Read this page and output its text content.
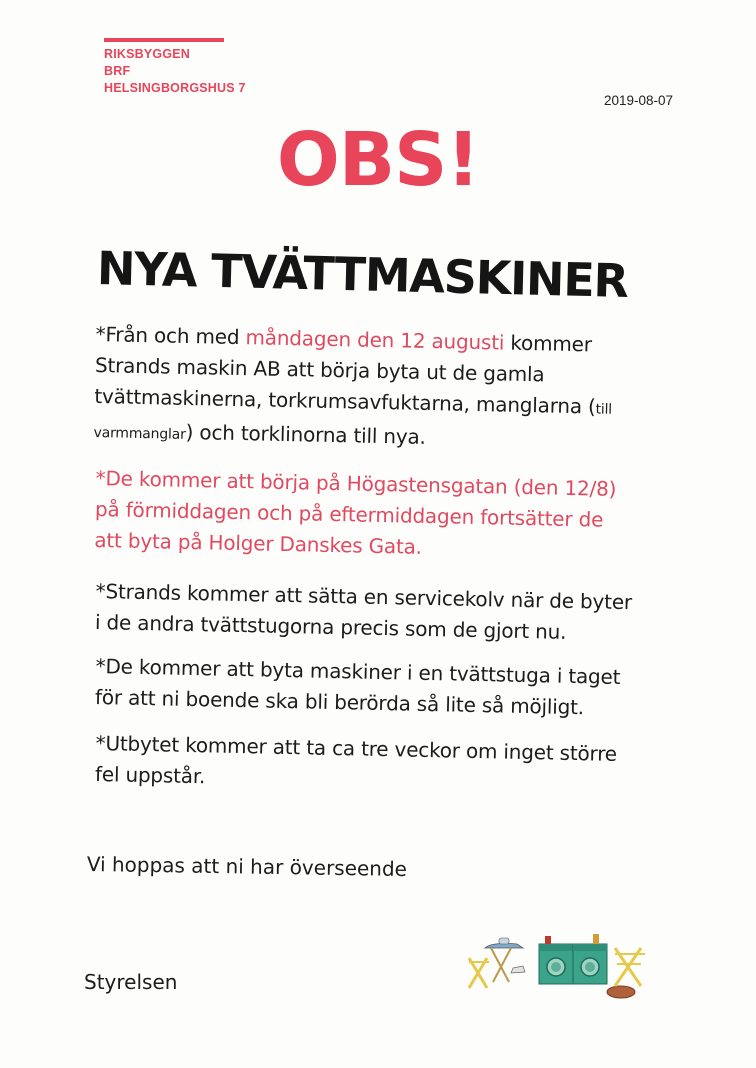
RIKSBYGGEN
BRF
HELSINGBORGSHUS 7
2019-08-07
OBS!
NYA TVÄTTMASKINER
*Från och med måndagen den 12 augusti kommer
Strands maskin AB att börja byta ut de gamla
tvättmaskinerna, torkrumsavfuktarna, manglarna (till
varmmanglar) och torklinorna till nya.
*De kommer att börja på Högastensgatan (den 12/8)
på förmiddagen och på eftermiddagen fortsätter de
att byta på Holger Danskes Gata.
*Strands kommer att sätta en servicekolv när de byter
i de andra tvättstugorna precis som de gjort nu.
*De kommer att byta maskiner i en tvättstuga i taget
för att ni boende ska bli berörda så lite så möjligt.
*Utbytet kommer att ta ca tre veckor om inget större
fel uppstår.
Vi hoppas att ni har överseende
Styrelsen
